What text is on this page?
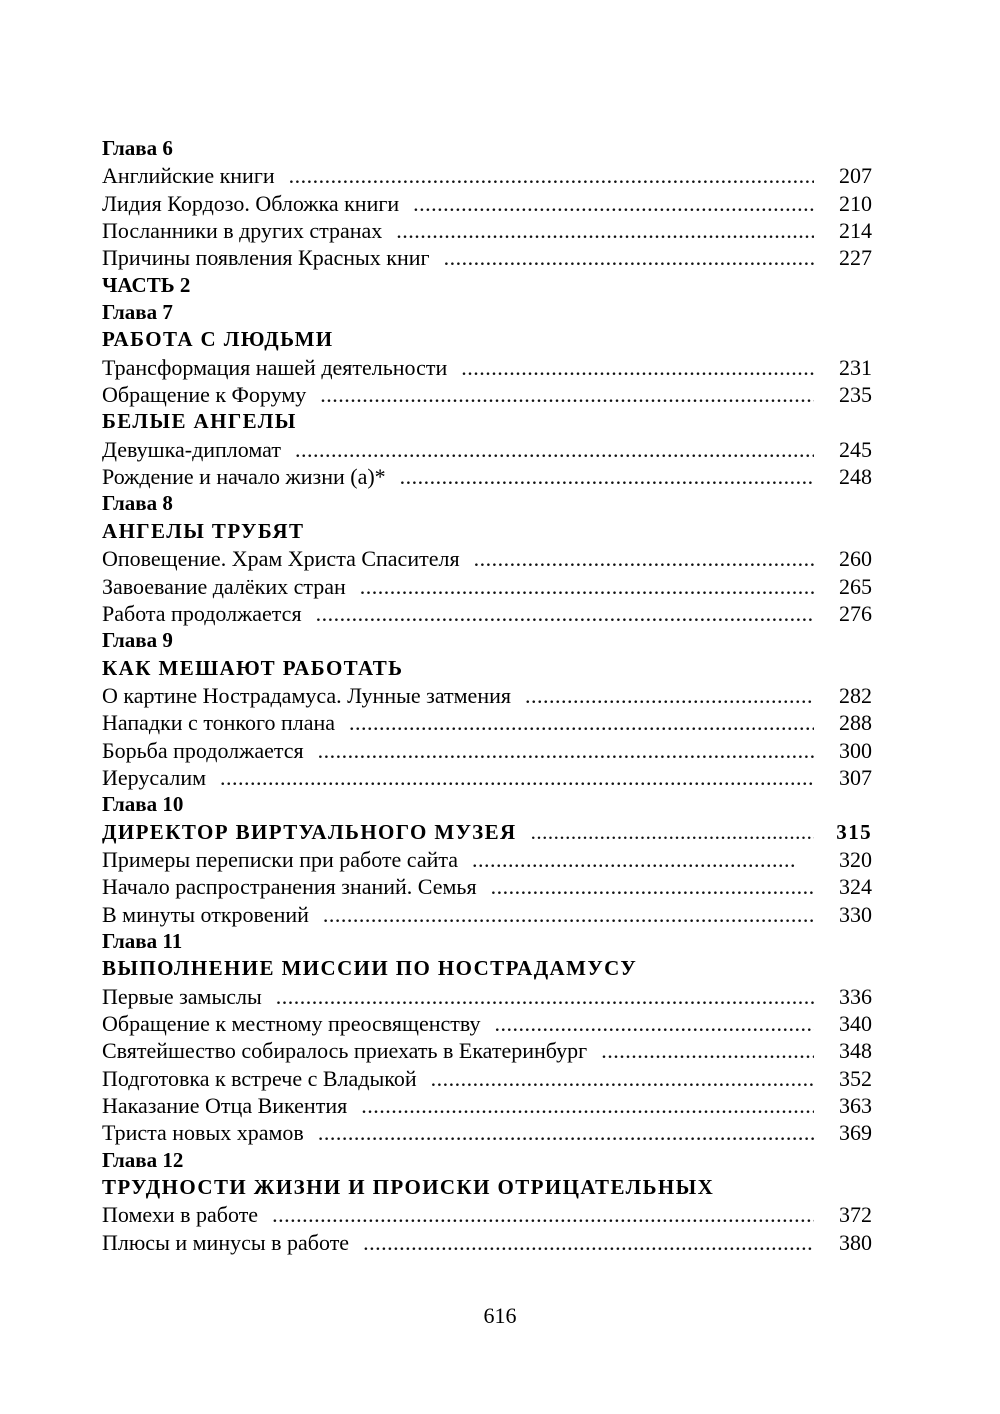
Глава 6
Английские книги .....	207
Лидия Кордозо. Обложка книги .....	210
Посланники в других странах .....	214
Причины появления Красных книг .....	227
ЧАСТЬ 2
Глава 7
РАБОТА С ЛЮДЬМИ
Трансформация нашей деятельности .....	231
Обращение к Форуму .....	235
БЕЛЫЕ АНГЕЛЫ
Девушка-дипломат .....	245
Рождение и начало жизни (а)* .....	248
Глава 8
АНГЕЛЫ ТРУБЯТ
Оповещение. Храм Христа Спасителя .....	260
Завоевание далёких стран .....	265
Работа продолжается .....	276
Глава 9
КАК МЕШАЮТ РАБОТАТЬ
О картине Нострадамуса. Лунные затмения .....	282
Нападки с тонкого плана .....	288
Борьба продолжается .....	300
Иерусалим .....	307
Глава 10
ДИРЕКТОР ВИРТУАЛЬНОГО МУЗЕЯ .....	315
Примеры переписки при работе сайта .....	320
Начало распространения знаний. Семья .....	324
В минуты откровений .....	330
Глава 11
ВЫПОЛНЕНИЕ МИССИИ ПО НОСТРАДАМУСУ
Первые замыслы .....	336
Обращение к местному преосвященству .....	340
Святейшество собиралось приехать в Екатеринбург .....	348
Подготовка к встрече с Владыкой .....	352
Наказание Отца Викентия .....	363
Триста новых храмов .....	369
Глава 12
ТРУДНОСТИ ЖИЗНИ И ПРОИСКИ ОТРИЦАТЕЛЬНЫХ
Помехи в работе .....	372
Плюсы и минусы в работе .....	380
616
